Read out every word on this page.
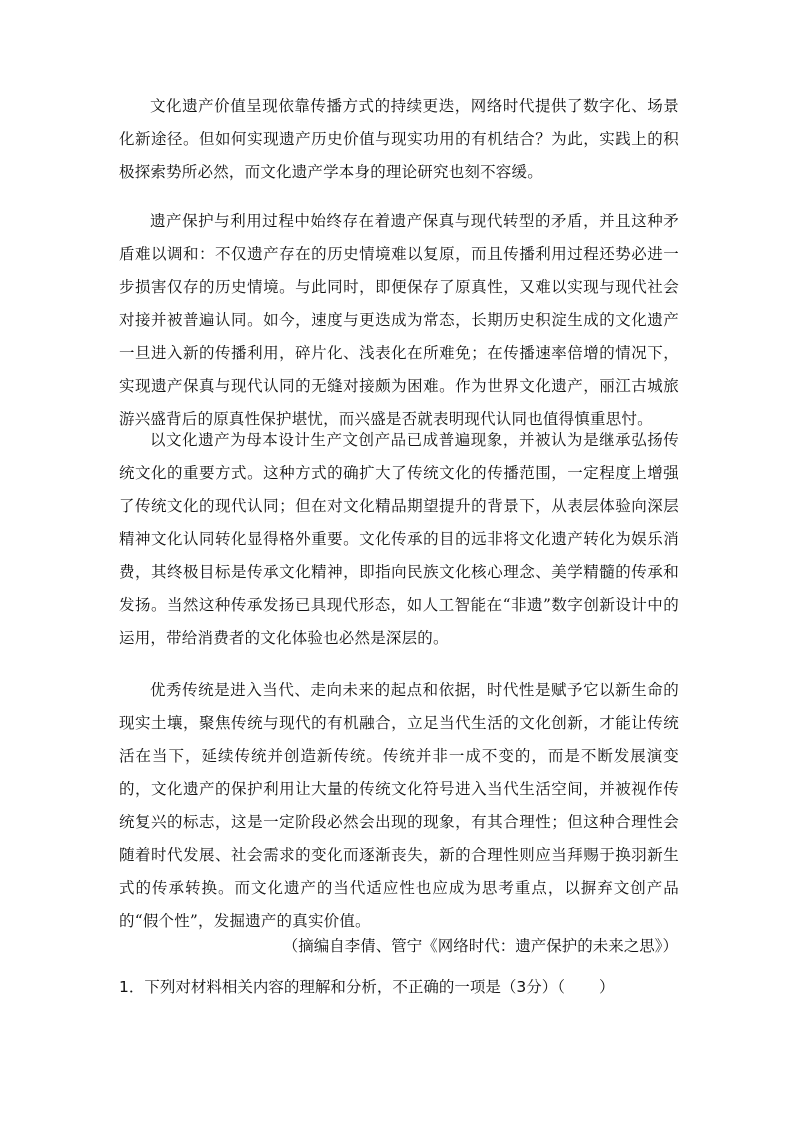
文化遗产价值呈现依靠传播方式的持续更迭，网络时代提供了数字化、场景化新途径。但如何实现遗产历史价值与现实功用的有机结合？为此，实践上的积极探索势所必然，而文化遗产学本身的理论研究也刻不容缓。

遗产保护与利用过程中始终存在着遗产保真与现代转型的矛盾，并且这种矛盾难以调和：不仅遗产存在的历史情境难以复原，而且传播利用过程还势必进一步损害仅存的历史情境。与此同时，即便保存了原真性，又难以实现与现代社会对接并被普遍认同。如今，速度与更迭成为常态，长期历史积淀生成的文化遗产一旦进入新的传播利用，碎片化、浅表化在所难免；在传播速率倍增的情况下，实现遗产保真与现代认同的无缝对接颇为困难。作为世界文化遗产，丽江古城旅游兴盛背后的原真性保护堪忧，而兴盛是否就表明现代认同也值得慎重思忖。

以文化遗产为母本设计生产文创产品已成普遍现象，并被认为是继承弘扬传统文化的重要方式。这种方式的确扩大了传统文化的传播范围，一定程度上增强了传统文化的现代认同；但在对文化精品期望提升的背景下，从表层体验向深层精神文化认同转化显得格外重要。文化传承的目的远非将文化遗产转化为娱乐消费，其终极目标是传承文化精神，即指向民族文化核心理念、美学精髓的传承和发扬。当然这种传承发扬已具现代形态，如人工智能在“非遗”数字创新设计中的运用，带给消费者的文化体验也必然是深层的。

优秀传统是进入当代、走向未来的起点和依据，时代性是赋予它以新生命的现实土壤，聚焦传统与现代的有机融合，立足当代生活的文化创新，才能让传统活在当下，延续传统并创造新传统。传统并非一成不变的，而是不断发展演变的，文化遗产的保护利用让大量的传统文化符号进入当代生活空间，并被视作传统复兴的标志，这是一定阶段必然会出现的现象，有其合理性；但这种合理性会随着时代发展、社会需求的变化而逐渐丧失，新的合理性则应当拜赐于换羽新生式的传承转换。而文化遗产的当代适应性也应成为思考重点，以摒弃文创产品的“假个性”，发掘遗产的真实价值。

（摘编自李倩、管宁《网络时代：遗产保护的未来之思》）

1．下列对材料相关内容的理解和分析，不正确的一项是（3分）（ ）
